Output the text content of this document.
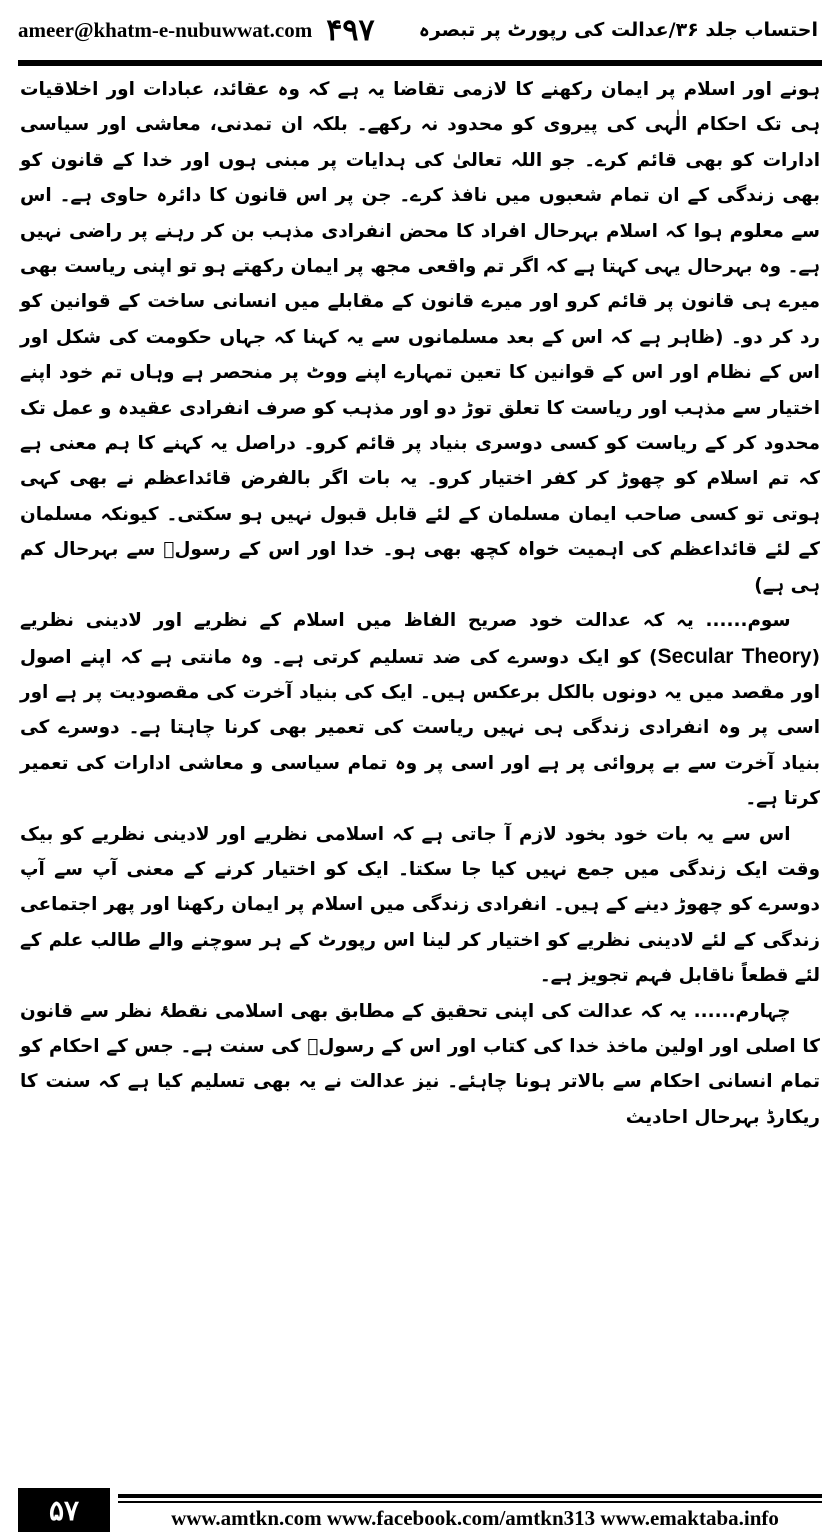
ameer@khatm-e-nubuwwat.com ۴۹۷ احتساب جلد ۳۶/عدالت کی رپورٹ پر تبصرہ

ہونے اور اسلام پر ایمان رکھنے کا لازمی تقاضا یہ ہے کہ وہ عقائد، عبادات اور اخلاقیات ہی تک احکام الٰہی کی پیروی کو محدود نہ رکھے۔ بلکہ ان تمدنی، معاشی اور سیاسی ادارات کو بھی قائم کرے۔ جو اللہ تعالیٰ کی ہدایات پر مبنی ہوں اور خدا کے قانون کو بھی زندگی کے ان تمام شعبوں میں نافذ کرے۔ جن پر اس قانون کا دائرہ حاوی ہے۔ اس سے معلوم ہوا کہ اسلام بہرحال افراد کا محض انفرادی مذہب بن کر رہنے پر راضی نہیں ہے۔ وہ بہرحال یہی کہتا ہے کہ اگر تم واقعی مجھ پر ایمان رکھتے ہو تو اپنی ریاست بھی میرے ہی قانون پر قائم کرو اور میرے قانون کے مقابلے میں انسانی ساخت کے قوانین کو رد کر دو۔ (ظاہر ہے کہ اس کے بعد مسلمانوں سے یہ کہنا کہ جہاں حکومت کی شکل اور اس کے نظام اور اس کے قوانین کا تعین تمہارے اپنے ووٹ پر منحصر ہے وہاں تم خود اپنے اختیار سے مذہب اور ریاست کا تعلق توڑ دو اور مذہب کو صرف انفرادی عقیدہ و عمل تک محدود کر کے ریاست کو کسی دوسری بنیاد پر قائم کرو۔ دراصل یہ کہنے کا ہم معنی ہے کہ تم اسلام کو چھوڑ کر کفر اختیار کرو۔ یہ بات اگر بالفرض قائداعظم نے بھی کہی ہوتی تو کسی صاحب ایمان مسلمان کے لئے قابل قبول نہیں ہو سکتی۔ کیونکہ مسلمان کے لئے قائداعظم کی اہمیت خواہ کچھ بھی ہو۔ خدا اور اس کے رسولؐ سے بہرحال کم ہی ہے)

سوم...... یہ کہ عدالت خود صریح الفاظ میں اسلام کے نظریے اور لادینی نظریے (Secular Theory) کو ایک دوسرے کی ضد تسلیم کرتی ہے۔ وہ مانتی ہے کہ اپنے اصول اور مقصد میں یہ دونوں بالکل برعکس ہیں۔ ایک کی بنیاد آخرت کی مقصودیت پر ہے اور اسی پر وہ انفرادی زندگی ہی نہیں ریاست کی تعمیر بھی کرنا چاہتا ہے۔ دوسرے کی بنیاد آخرت سے بے پروائی پر ہے اور اسی پر وہ تمام سیاسی و معاشی ادارات کی تعمیر کرتا ہے۔

اس سے یہ بات خود بخود لازم آ جاتی ہے کہ اسلامی نظریے اور لادینی نظریے کو بیک وقت ایک زندگی میں جمع نہیں کیا جا سکتا۔ ایک کو اختیار کرنے کے معنی آپ سے آپ دوسرے کو چھوڑ دینے کے ہیں۔ انفرادی زندگی میں اسلام پر ایمان رکھنا اور پھر اجتماعی زندگی کے لئے لادینی نظریے کو اختیار کر لینا اس رپورٹ کے ہر سوچنے والے طالب علم کے لئے قطعاً ناقابل فہم تجویز ہے۔

چہارم...... یہ کہ عدالت کی اپنی تحقیق کے مطابق بھی اسلامی نقطۂ نظر سے قانون کا اصلی اور اولین ماخذ خدا کی کتاب اور اس کے رسولؐ کی سنت ہے۔ جس کے احکام کو تمام انسانی احکام سے بالاتر ہونا چاہئے۔ نیز عدالت نے یہ بھی تسلیم کیا ہے کہ سنت کا ریکارڈ بہرحال احادیث

۵۷	www.amtkn.com www.facebook.com/amtkn313 www.emaktaba.info
